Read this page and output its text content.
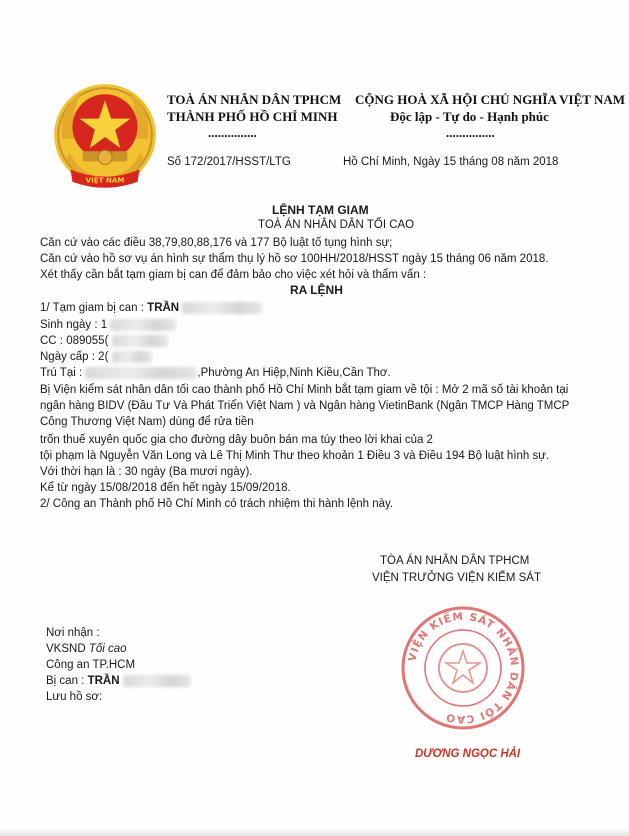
VIỆT NAM
TOÀ ÁN NHÂN DÂN TPHCM
THÀNH PHỐ HỒ CHÍ MINH
...............
CỘNG HOÀ XÃ HỘI CHỦ NGHĨA VIỆT NAM
Độc lập - Tự do - Hạnh phúc
...............
Số 172/2017/HSST/LTG	Hồ Chí Minh, Ngày 15 tháng 08 năm 2018
LỆNH TẠM GIAM
TOÀ ÁN NHÂN DÂN TỐI CAO
Căn cứ vào các điều 38,79,80,88,176 và 177 Bộ luật tố tụng hình sự;
Căn cứ vào hồ sơ vụ án hình sự thẩm thụ lý hồ sơ 100HH/2018/HSST ngày 15 tháng 06 năm 2018.
Xét thấy cần bắt tạm giam bị can để đảm bảo cho việc xét hỏi và thẩm vấn :
RA LỆNH
1/ Tạm giam bị can : TRẦN
Sinh ngày : 1
CC : 089055(
Ngày cấp : 2(
Trú Tại :	,Phường An Hiệp,Ninh Kiều,Cần Thơ.
Bị Viện kiểm sát nhân dân tối cao thành phố Hồ Chí Minh bắt tạm giam về tội : Mở 2 mã số tài khoản tại
ngân hàng BIDV (Đầu Tư Và Phát Triển Việt Nam ) và Ngân hàng VietinBank (Ngân TMCP Hàng TMCP
Công Thương Việt Nam) dùng để rửa tiền
trốn thuế xuyên quốc gia cho đường dây buôn bán ma túy theo lời khai của 2
tội phạm là Nguyễn Văn Long và Lê Thị Minh Thư theo khoản 1 Điều 3 và Điều 194 Bộ luật hình sự.
Với thời hạn là : 30 ngày (Ba mươi ngày).
Kể từ ngày 15/08/2018 đến hết ngày 15/09/2018.
2/ Công an Thành phố Hồ Chí Minh có trách nhiệm thi hành lệnh này.
TÒA ÁN NHÂN DÂN TPHCM
VIỆN TRƯỞNG VIỆN KIỂM SÁT
VIỆN KIỂM SÁT NHÂN DÂN TỐI CAO
DƯƠNG NGỌC HẢI
Nơi nhận :
VKSND Tối cao
Công an TP.HCM
Bị can : TRẦN
Lưu hồ sơ:
